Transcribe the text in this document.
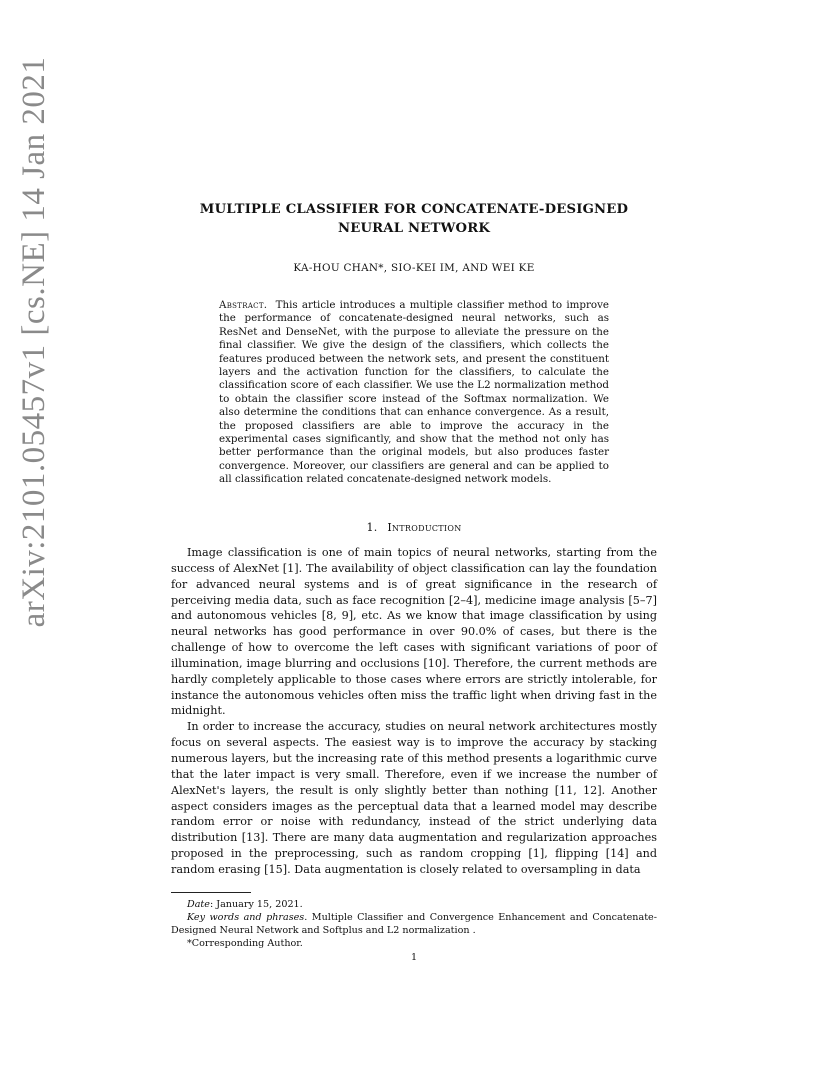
arXiv:2101.05457v1 [cs.NE] 14 Jan 2021	MULTIPLE CLASSIFIER FOR CONCATENATE-DESIGNED
NEURAL NETWORK
KA-HOU CHAN*, SIO-KEI IM, AND WEI KE
Abstract. This article introduces a multiple classifier method to improve the performance of concatenate-designed neural networks, such as ResNet and DenseNet, with the purpose to alleviate the pressure on the final classifier. We give the design of the classifiers, which collects the features produced between the network sets, and present the constituent layers and the activation function for the classifiers, to calculate the classification score of each classifier. We use the L2 normalization method to obtain the classifier score instead of the Softmax normalization. We also determine the conditions that can enhance convergence. As a result, the proposed classifiers are able to improve the accuracy in the experimental cases significantly, and show that the method not only has better performance than the original models, but also produces faster convergence. Moreover, our classifiers are general and can be applied to all classification related concatenate-designed network models.
1. Introduction

Image classification is one of main topics of neural networks, starting from the success of AlexNet [1]. The availability of object classification can lay the foundation for advanced neural systems and is of great significance in the research of perceiving media data, such as face recognition [2–4], medicine image analysis [5–7] and autonomous vehicles [8, 9], etc. As we know that image classification by using neural networks has good performance in over 90.0% of cases, but there is the challenge of how to overcome the left cases with significant variations of poor of illumination, image blurring and occlusions [10]. Therefore, the current methods are hardly completely applicable to those cases where errors are strictly intolerable, for instance the autonomous vehicles often miss the traffic light when driving fast in the midnight.

In order to increase the accuracy, studies on neural network architectures mostly focus on several aspects. The easiest way is to improve the accuracy by stacking numerous layers, but the increasing rate of this method presents a logarithmic curve that the later impact is very small. Therefore, even if we increase the number of AlexNet's layers, the result is only slightly better than nothing [11, 12]. Another aspect considers images as the perceptual data that a learned model may describe random error or noise with redundancy, instead of the strict underlying data distribution [13]. There are many data augmentation and regularization approaches proposed in the preprocessing, such as random cropping [1], flipping [14] and random erasing [15]. Data augmentation is closely related to oversampling in data

Date: January 15, 2021.

Key words and phrases. Multiple Classifier and Convergence Enhancement and Concatenate-Designed Neural Network and Softplus and L2 normalization .

*Corresponding Author.

1
